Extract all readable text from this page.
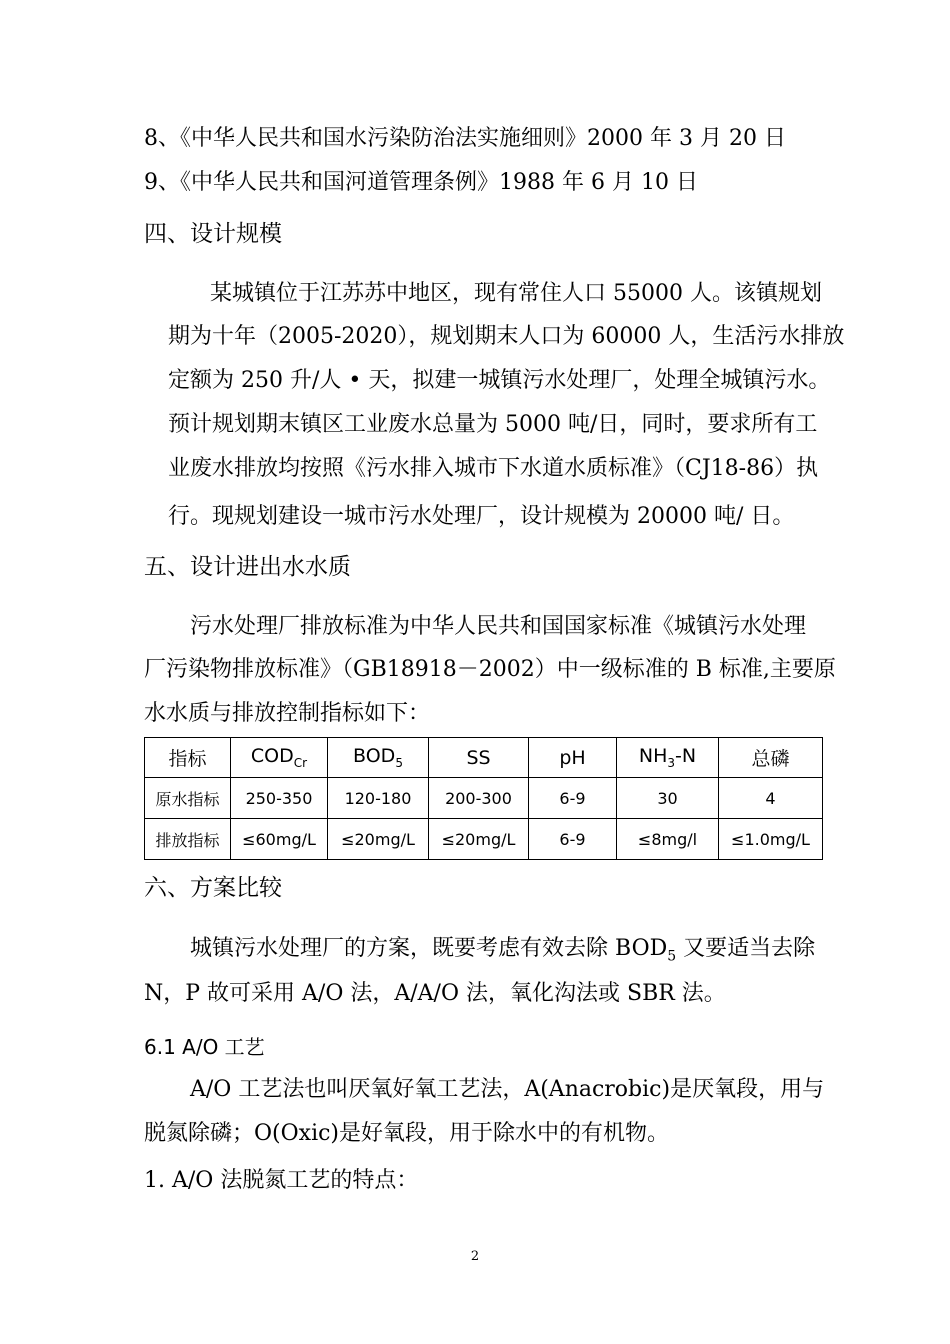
8、《中华人民共和国水污染防治法实施细则》2000 年 3 月 20 日
9、《中华人民共和国河道管理条例》1988 年 6 月 10 日
四、设计规模
某城镇位于江苏苏中地区，现有常住人口 55000 人。该镇规划
期为十年（2005-2020），规划期末人口为 60000 人，生活污水排放
定额为 250 升/人 • 天，拟建一城镇污水处理厂，处理全城镇污水。
预计规划期末镇区工业废水总量为 5000 吨/日，同时，要求所有工
业废水排放均按照《污水排入城市下水道水质标准》（CJ18-86）执
行。现规划建设一城市污水处理厂，设计规模为 20000 吨/ 日。
五、设计进出水水质
污水处理厂排放标准为中华人民共和国国家标准《城镇污水处理
厂污染物排放标准》（GB18918－2002）中一级标准的 B 标准,主要原
水水质与排放控制指标如下：
指标	$COD_{Cr}$	$BOD_5$	SS	pH	$NH_3-N$	总磷
原水指标	250-350	120-180	200-300	6-9	30	4
排放指标	≤60mg/L	≤20mg/L	≤20mg/L	6-9	≤8mg/l	≤1.0mg/L
六、方案比较
城镇污水处理厂的方案，既要考虑有效去除 $BOD_5$ 又要适当去除
N，P 故可采用 A/O 法，A/A/O 法，氧化沟法或 SBR 法。
6.1 A/O 工艺
A/O 工艺法也叫厌氧好氧工艺法，A(Anacrobic)是厌氧段，用与
脱氮除磷；O(Oxic)是好氧段，用于除水中的有机物。
1. A/O 法脱氮工艺的特点：
2
